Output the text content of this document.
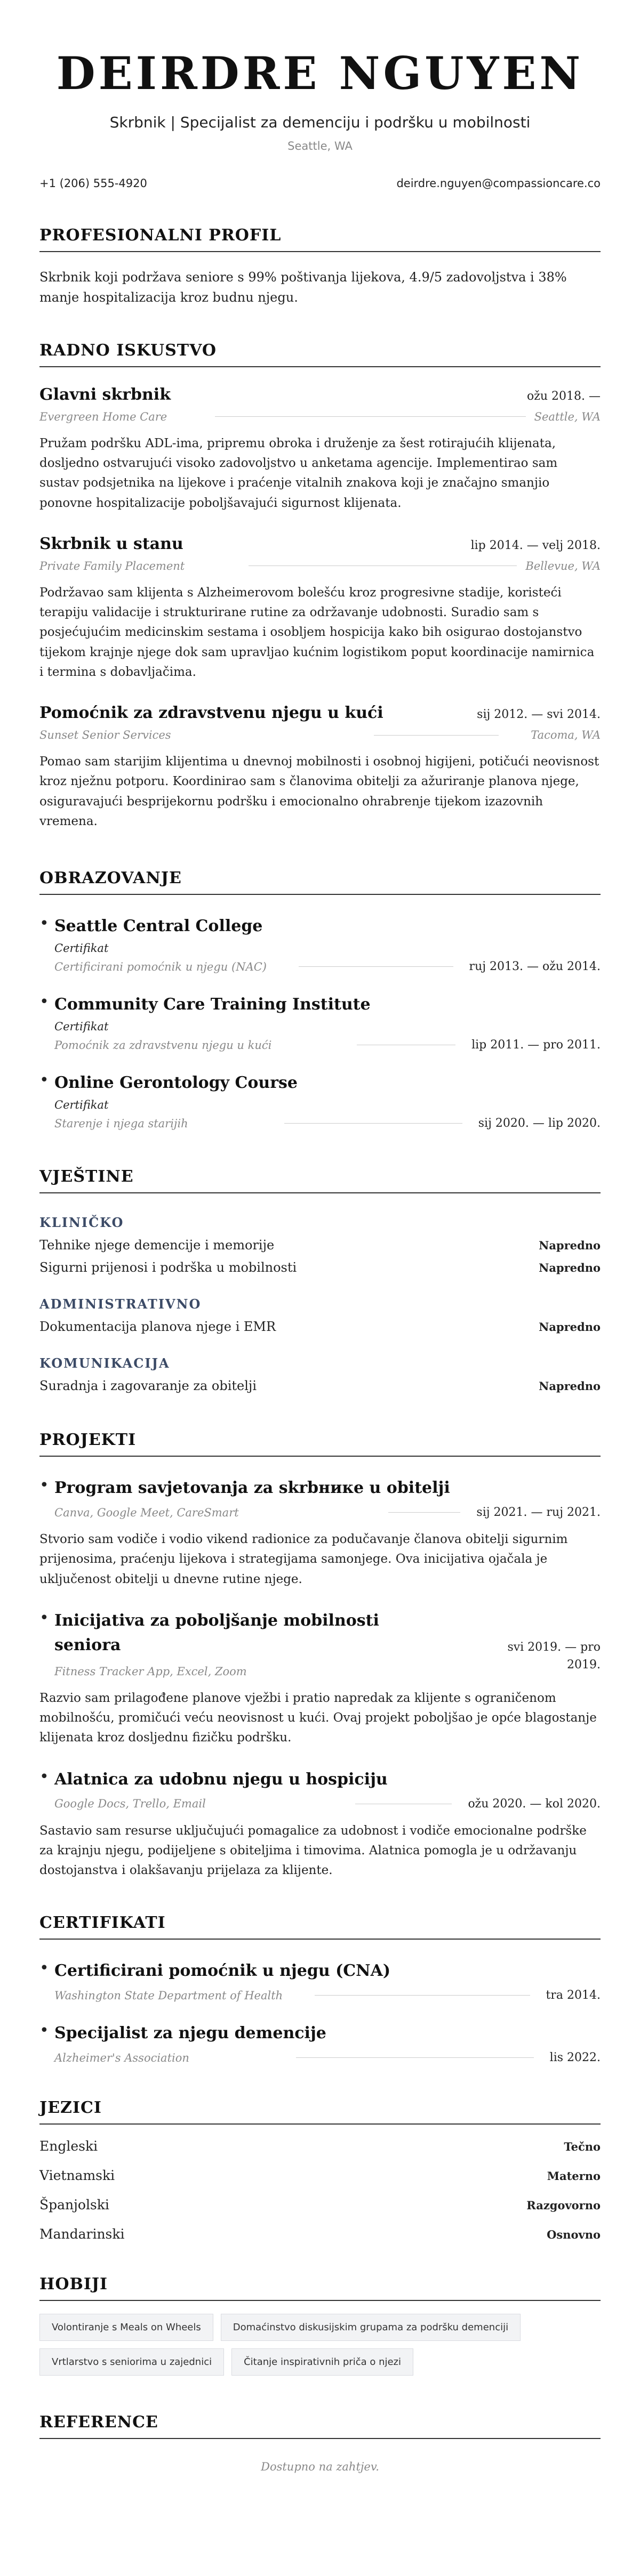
DEIRDRE NGUYEN
Skrbnik | Specijalist za demenciju i podršku u mobilnosti
Seattle, WA
+1 (206) 555-4920	deirdre.nguyen@compassioncare.co
PROFESIONALNI PROFIL

Skrbnik koji podržava seniore s 99% poštivanja lijekova, 4.9/5 zadovoljstva i 38% manje hospitalizacija kroz budnu njegu.

RADNO ISKUSTVO
Glavni skrbnik	ožu 2018. —
Evergreen Home Care	Seattle, WA

Pružam podršku ADL-ima, pripremu obroka i druženje za šest rotirajućih klijenata, dosljedno ostvarujući visoko zadovoljstvo u anketama agencije. Implementirao sam sustav podsjetnika na lijekove i praćenje vitalnih znakova koji je značajno smanjio ponovne hospitalizacije poboljšavajući sigurnost klijenata.

Skrbnik u stanu	lip 2014. — velj 2018.
Private Family Placement	Bellevue, WA

Podržavao sam klijenta s Alzheimerovom bolešću kroz progresivne stadije, koristeći terapiju validacije i strukturirane rutine za održavanje udobnosti. Suradio sam s posjećujućim medicinskim sestama i osobljem hospicija kako bih osigurao dostojanstvo tijekom krajnje njege dok sam upravljao kućnim logistikom poput koordinacije namirnica i termina s dobavljačima.

Pomoćnik za zdravstvenu njegu u kući	sij 2012. — svi 2014.
Sunset Senior Services	Tacoma, WA

Pomao sam starijim klijentima u dnevnoj mobilnosti i osobnoj higijeni, potičući neovisnost kroz nježnu potporu. Koordinirao sam s članovima obitelji za ažuriranje planova njege, osiguravajući besprijekornu podršku i emocionalno ohrabrenje tijekom izazovnih vremena.

OBRAZOVANJE
• Seattle Central College
Certifikat
Certificirani pomoćnik u njegu (NAC)	ruj 2013. — ožu 2014.
• Community Care Training Institute
Certifikat
Pomoćnik za zdravstvenu njegu u kući	lip 2011. — pro 2011.
• Online Gerontology Course
Certifikat
Starenje i njega starijih	sij 2020. — lip 2020.
VJEŠTINE
KLINIČKO
Tehnike njege demencije i memorije	Napredno
Sigurni prijenosi i podrška u mobilnosti	Napredno
ADMINISTRATIVNO
Dokumentacija planova njege i EMR	Napredno
KOMUNIKACIJA
Suradnja i zagovaranje za obitelji	Napredno
PROJEKTI
• Program savjetovanja za skrbнике u obitelji
Canva, Google Meet, CareSmart	sij 2021. — ruj 2021.

Stvorio sam vodiče i vodio vikend radionice za podučavanje članova obitelji sigurnim prijenosima, praćenju lijekova i strategijama samonjege. Ova inicijativa ojačala je uključenost obitelji u dnevne rutine njege.

• Inicijativa za poboljšanje mobilnosti seniora
Fitness Tracker App, Excel, Zoom
svi 2019. — pro 2019.

Razvio sam prilagođene planove vježbi i pratio napredak za klijente s ograničenom mobilnošću, promičući veću neovisnost u kući. Ovaj projekt poboljšao je opće blagostanje klijenata kroz dosljednu fizičku podršku.

• Alatnica za udobnu njegu u hospiciju
Google Docs, Trello, Email	ožu 2020. — kol 2020.

Sastavio sam resurse uključujući pomagalice za udobnost i vodiče emocionalne podrške za krajnju njegu, podijeljene s obiteljima i timovima. Alatnica pomogla je u održavanju dostojanstva i olakšavanju prijelaza za klijente.

CERTIFIKATI
• Certificirani pomoćnik u njegu (CNA)
Washington State Department of Health	tra 2014.
• Specijalist za njegu demencije
Alzheimer's Association	lis 2022.
JEZICI
Engleski	Tečno
Vietnamski	Materno
Španjolski	Razgovorno
Mandarinski	Osnovno
HOBIJI
Volontiranje s Meals on Wheels	Domaćinstvo diskusijskim grupama za podršku demenciji
Vrtlarstvo s seniorima u zajednici	Čitanje inspirativnih priča o njezi
REFERENCE
Dostupno na zahtjev.
